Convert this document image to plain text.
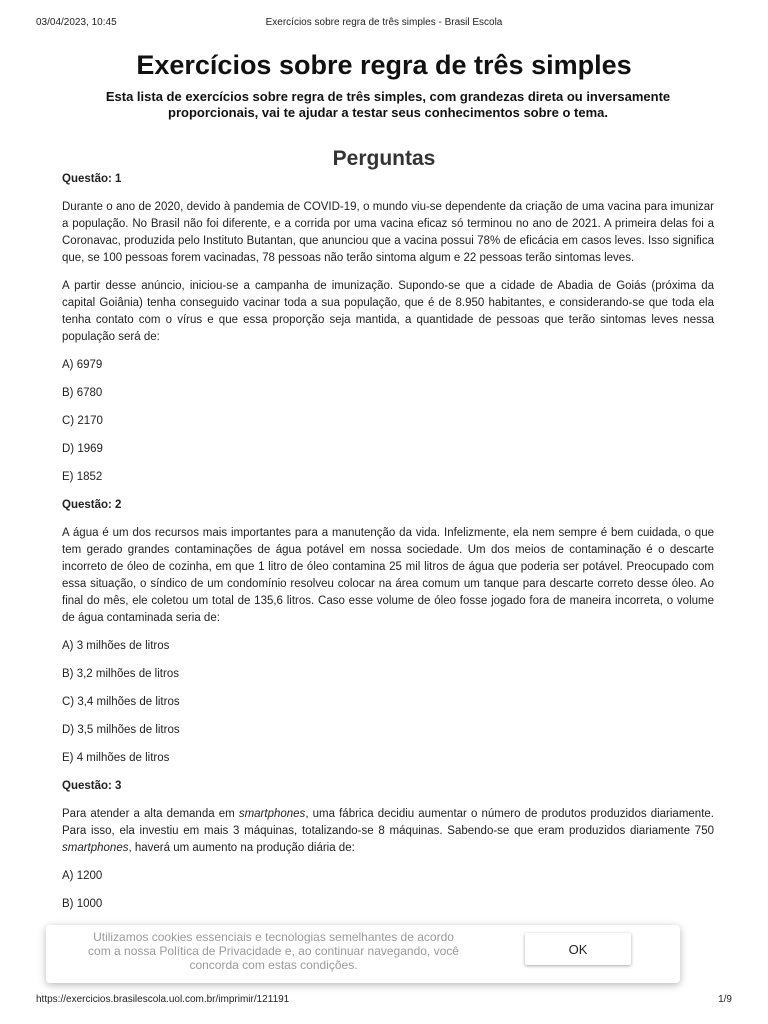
03/04/2023, 10:45	Exercícios sobre regra de três simples - Brasil Escola
Exercícios sobre regra de três simples

Esta lista de exercícios sobre regra de três simples, com grandezas direta ou inversamente proporcionais, vai te ajudar a testar seus conhecimentos sobre o tema.

Perguntas

Questão: 1

Durante o ano de 2020, devido à pandemia de COVID-19, o mundo viu-se dependente da criação de uma vacina para imunizar a população. No Brasil não foi diferente, e a corrida por uma vacina eficaz só terminou no ano de 2021. A primeira delas foi a Coronavac, produzida pelo Instituto Butantan, que anunciou que a vacina possui 78% de eficácia em casos leves. Isso significa que, se 100 pessoas forem vacinadas, 78 pessoas não terão sintoma algum e 22 pessoas terão sintomas leves.

A partir desse anúncio, iniciou-se a campanha de imunização. Supondo-se que a cidade de Abadia de Goiás (próxima da capital Goiânia) tenha conseguido vacinar toda a sua população, que é de 8.950 habitantes, e considerando-se que toda ela tenha contato com o vírus e que essa proporção seja mantida, a quantidade de pessoas que terão sintomas leves nessa população será de:

A) 6979

B) 6780

C) 2170

D) 1969

E) 1852

Questão: 2

A água é um dos recursos mais importantes para a manutenção da vida. Infelizmente, ela nem sempre é bem cuidada, o que tem gerado grandes contaminações de água potável em nossa sociedade. Um dos meios de contaminação é o descarte incorreto de óleo de cozinha, em que 1 litro de óleo contamina 25 mil litros de água que poderia ser potável. Preocupado com essa situação, o síndico de um condomínio resolveu colocar na área comum um tanque para descarte correto desse óleo. Ao final do mês, ele coletou um total de 135,6 litros. Caso esse volume de óleo fosse jogado fora de maneira incorreta, o volume de água contaminada seria de:

A) 3 milhões de litros

B) 3,2 milhões de litros

C) 3,4 milhões de litros

D) 3,5 milhões de litros

E) 4 milhões de litros

Questão: 3

Para atender a alta demanda em smartphones, uma fábrica decidiu aumentar o número de produtos produzidos diariamente. Para isso, ela investiu em mais 3 máquinas, totalizando-se 8 máquinas. Sabendo-se que eram produzidos diariamente 750 smartphones, haverá um aumento na produção diária de:

A) 1200

B) 1000

Utilizamos cookies essenciais e tecnologias semelhantes de acordo com a nossa Política de Privacidade e, ao continuar navegando, você concorda com estas condições.
OK
https://exercicios.brasilescola.uol.com.br/imprimir/121191	1/9
